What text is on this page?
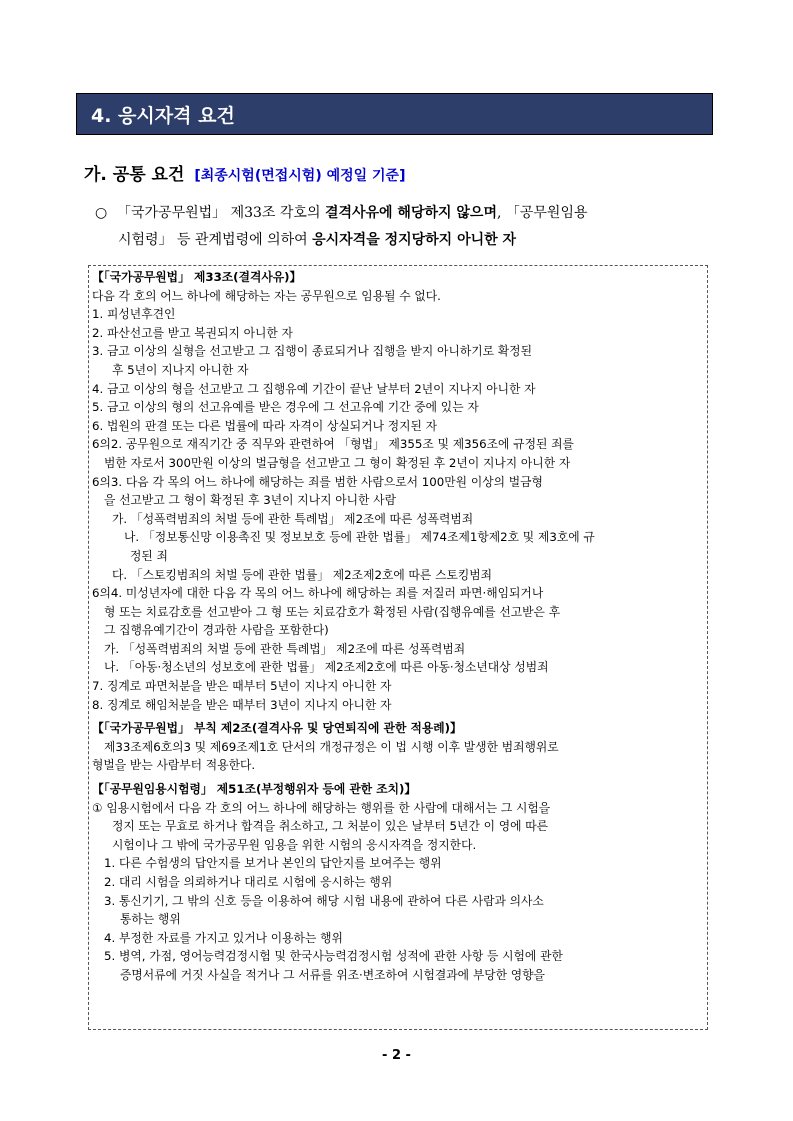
4. 응시자격 요건
가. 공통 요건 [최종시험(면접시험) 예정일 기준]
○ 「국가공무원법」 제33조 각호의 결격사유에 해당하지 않으며, 「공무원임용
시험령」 등 관계법령에 의하여 응시자격을 정지당하지 아니한 자
【「국가공무원법」 제33조(결격사유)】
다음 각 호의 어느 하나에 해당하는 자는 공무원으로 임용될 수 없다.
1. 피성년후견인
2. 파산선고를 받고 복권되지 아니한 자
3. 금고 이상의 실형을 선고받고 그 집행이 종료되거나 집행을 받지 아니하기로 확정된
후 5년이 지나지 아니한 자
4. 금고 이상의 형을 선고받고 그 집행유예 기간이 끝난 날부터 2년이 지나지 아니한 자
5. 금고 이상의 형의 선고유예를 받은 경우에 그 선고유예 기간 중에 있는 자
6. 법원의 판결 또는 다른 법률에 따라 자격이 상실되거나 정지된 자
6의2. 공무원으로 재직기간 중 직무와 관련하여 「형법」 제355조 및 제356조에 규정된 죄를
범한 자로서 300만원 이상의 벌금형을 선고받고 그 형이 확정된 후 2년이 지나지 아니한 자
6의3. 다음 각 목의 어느 하나에 해당하는 죄를 범한 사람으로서 100만원 이상의 벌금형
을 선고받고 그 형이 확정된 후 3년이 지나지 아니한 사람
가. 「성폭력범죄의 처벌 등에 관한 특례법」 제2조에 따른 성폭력범죄
나. 「정보통신망 이용촉진 및 정보보호 등에 관한 법률」 제74조제1항제2호 및 제3호에 규
정된 죄
다. 「스토킹범죄의 처벌 등에 관한 법률」 제2조제2호에 따른 스토킹범죄
6의4. 미성년자에 대한 다음 각 목의 어느 하나에 해당하는 죄를 저질러 파면·해임되거나
형 또는 치료감호를 선고받아 그 형 또는 치료감호가 확정된 사람(집행유예를 선고받은 후
그 집행유예기간이 경과한 사람을 포함한다)
가. 「성폭력범죄의 처벌 등에 관한 특례법」 제2조에 따른 성폭력범죄
나. 「아동·청소년의 성보호에 관한 법률」 제2조제2호에 따른 아동·청소년대상 성범죄
7. 징계로 파면처분을 받은 때부터 5년이 지나지 아니한 자
8. 징계로 해임처분을 받은 때부터 3년이 지나지 아니한 자
【「국가공무원법」 부칙 제2조(결격사유 및 당연퇴직에 관한 적용례)】
제33조제6호의3 및 제69조제1호 단서의 개정규정은 이 법 시행 이후 발생한 범죄행위로
형벌을 받는 사람부터 적용한다.
【「공무원임용시험령」 제51조(부정행위자 등에 관한 조치)】
① 임용시험에서 다음 각 호의 어느 하나에 해당하는 행위를 한 사람에 대해서는 그 시험을
정지 또는 무효로 하거나 합격을 취소하고, 그 처분이 있은 날부터 5년간 이 영에 따른
시험이나 그 밖에 국가공무원 임용을 위한 시험의 응시자격을 정지한다.
1. 다른 수험생의 답안지를 보거나 본인의 답안지를 보여주는 행위
2. 대리 시험을 의뢰하거나 대리로 시험에 응시하는 행위
3. 통신기기, 그 밖의 신호 등을 이용하여 해당 시험 내용에 관하여 다른 사람과 의사소
통하는 행위
4. 부정한 자료를 가지고 있거나 이용하는 행위
5. 병역, 가점, 영어능력검정시험 및 한국사능력검정시험 성적에 관한 사항 등 시험에 관한
증명서류에 거짓 사실을 적거나 그 서류를 위조·변조하여 시험결과에 부당한 영향을
- 2 -
